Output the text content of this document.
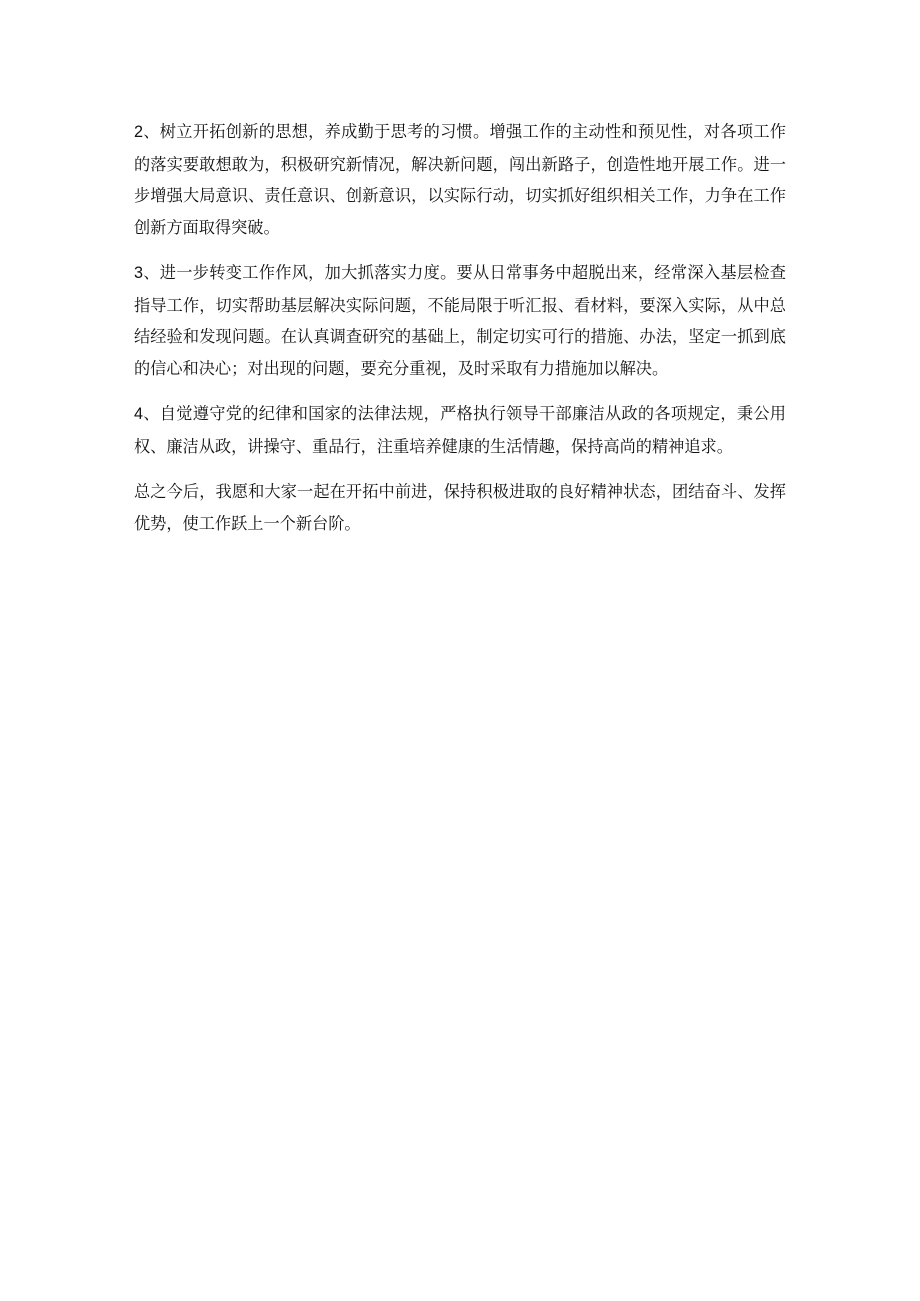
2、树立开拓创新的思想，养成勤于思考的习惯。增强工作的主动性和预见性，对各项工作的落实要敢想敢为，积极研究新情况，解决新问题，闯出新路子，创造性地开展工作。进一步增强大局意识、责任意识、创新意识，以实际行动，切实抓好组织相关工作，力争在工作创新方面取得突破。

3、进一步转变工作作风，加大抓落实力度。要从日常事务中超脱出来，经常深入基层检查指导工作，切实帮助基层解决实际问题，不能局限于听汇报、看材料，要深入实际，从中总结经验和发现问题。在认真调查研究的基础上，制定切实可行的措施、办法，坚定一抓到底的信心和决心；对出现的问题，要充分重视，及时采取有力措施加以解决。

4、自觉遵守党的纪律和国家的法律法规，严格执行领导干部廉洁从政的各项规定，秉公用权、廉洁从政，讲操守、重品行，注重培养健康的生活情趣，保持高尚的精神追求。

总之今后，我愿和大家一起在开拓中前进，保持积极进取的良好精神状态，团结奋斗、发挥优势，使工作跃上一个新台阶。
